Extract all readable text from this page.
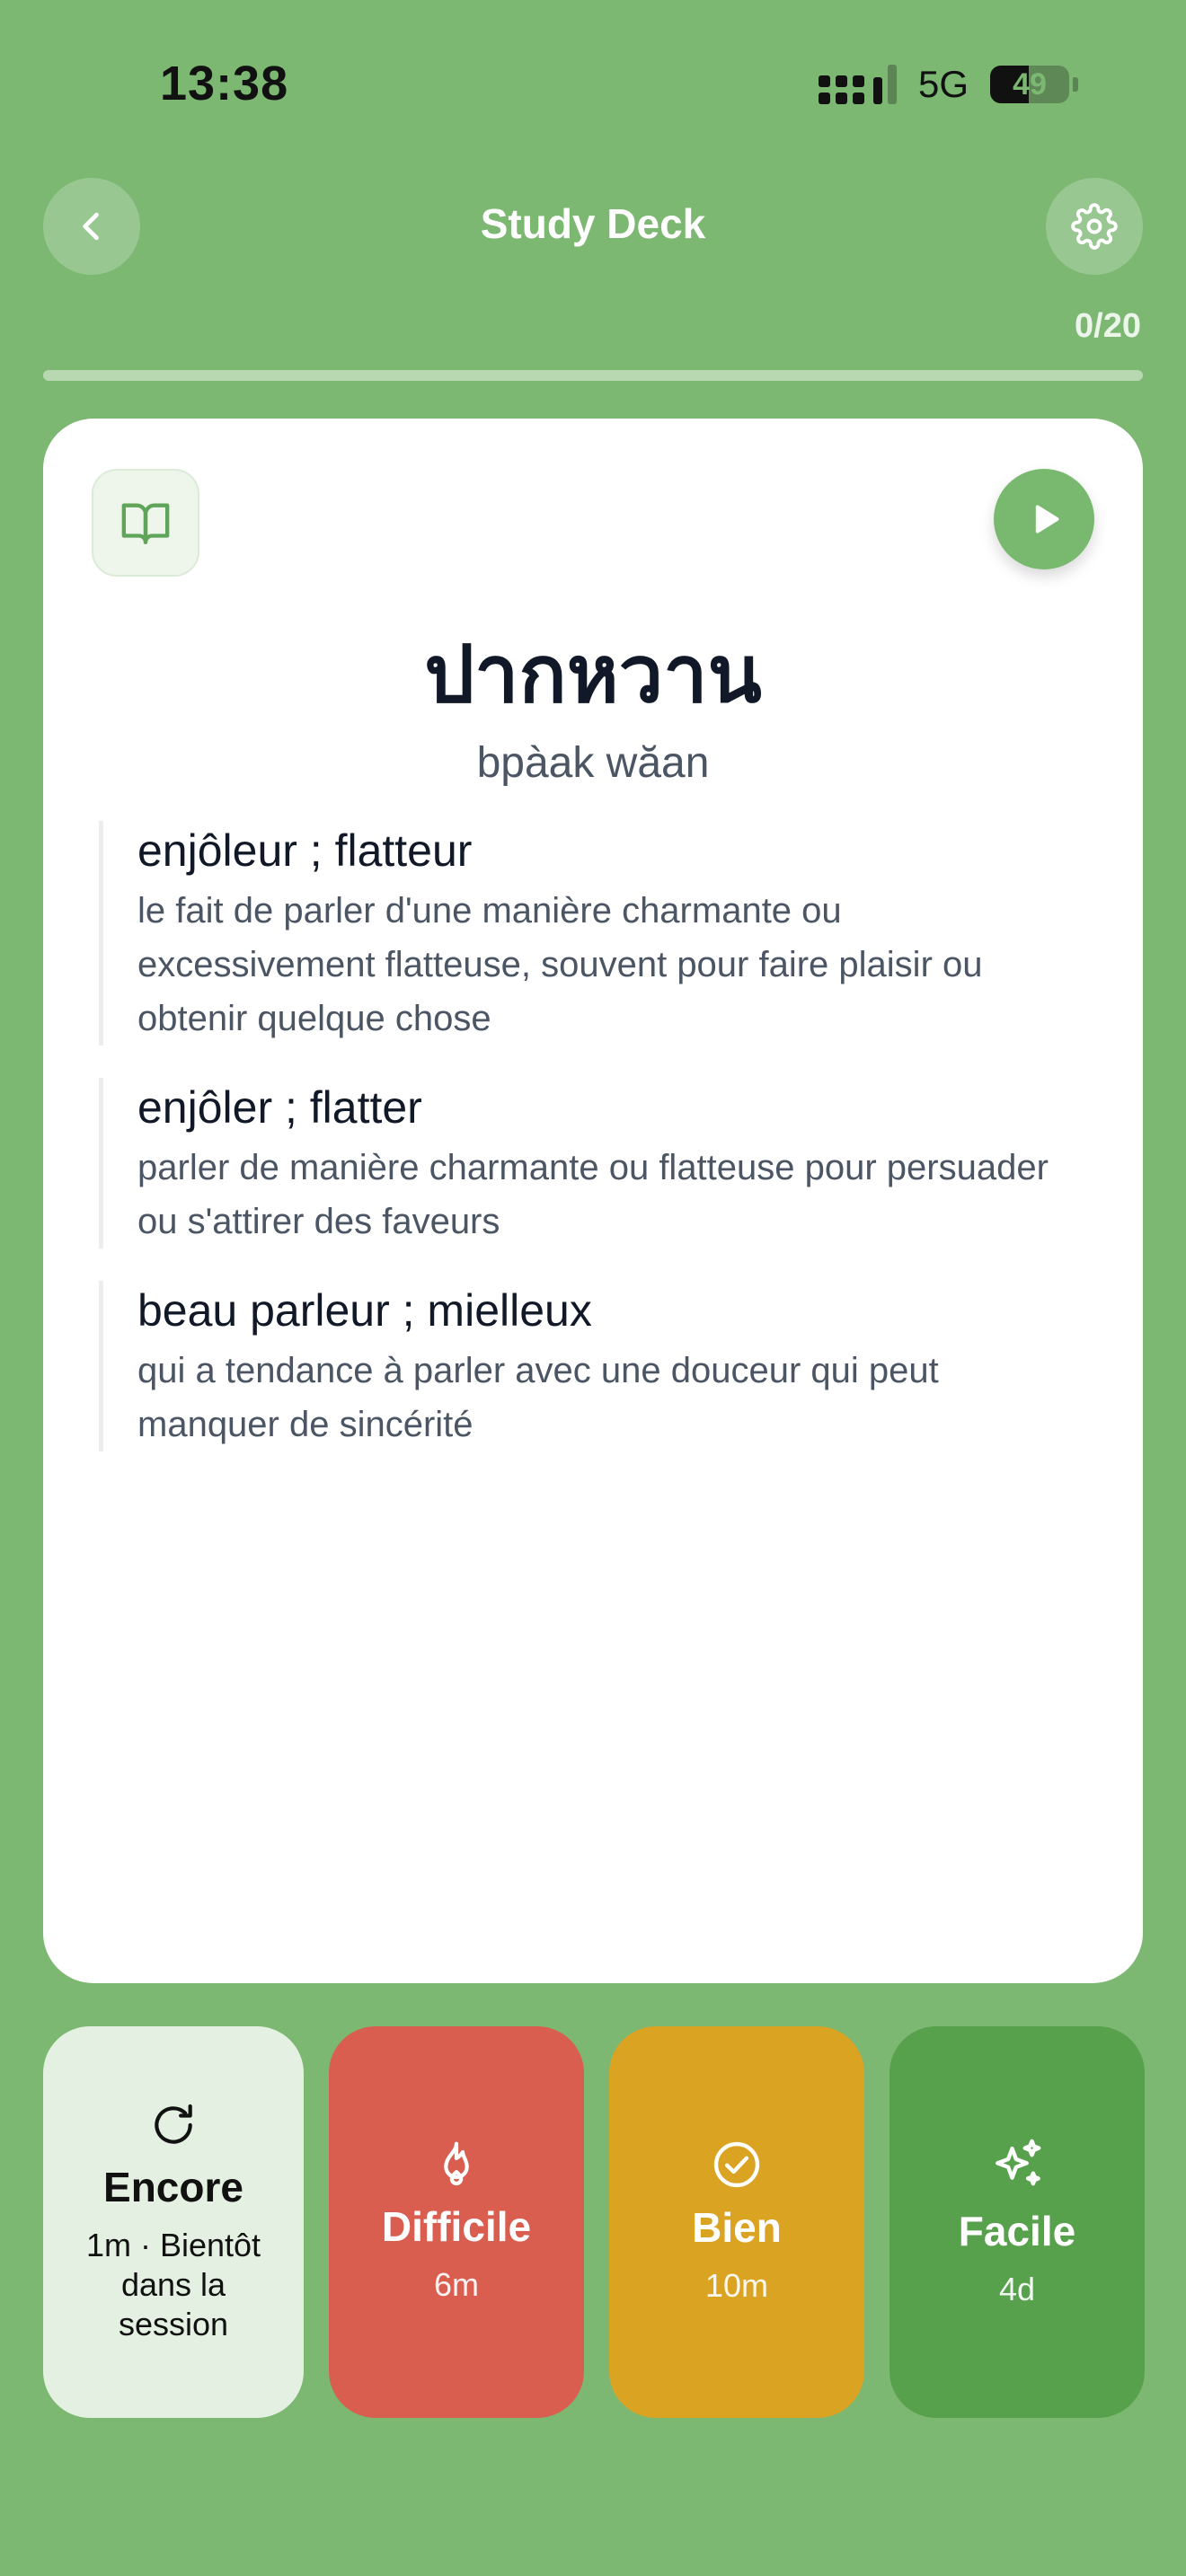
13:38	5G 49
Study Deck
0/20
ปากหวาน
bpàak wăan
enjôleur ; flatteur
le fait de parler d'une manière charmante ou excessivement flatteuse, souvent pour faire plaisir ou obtenir quelque chose
enjôler ; flatter
parler de manière charmante ou flatteuse pour persuader ou s'attirer des faveurs
beau parleur ; mielleux
qui a tendance à parler avec une douceur qui peut manquer de sincérité
Encore
1m · Bientôt dans la session
Difficile
6m
Bien
10m
Facile
4d
